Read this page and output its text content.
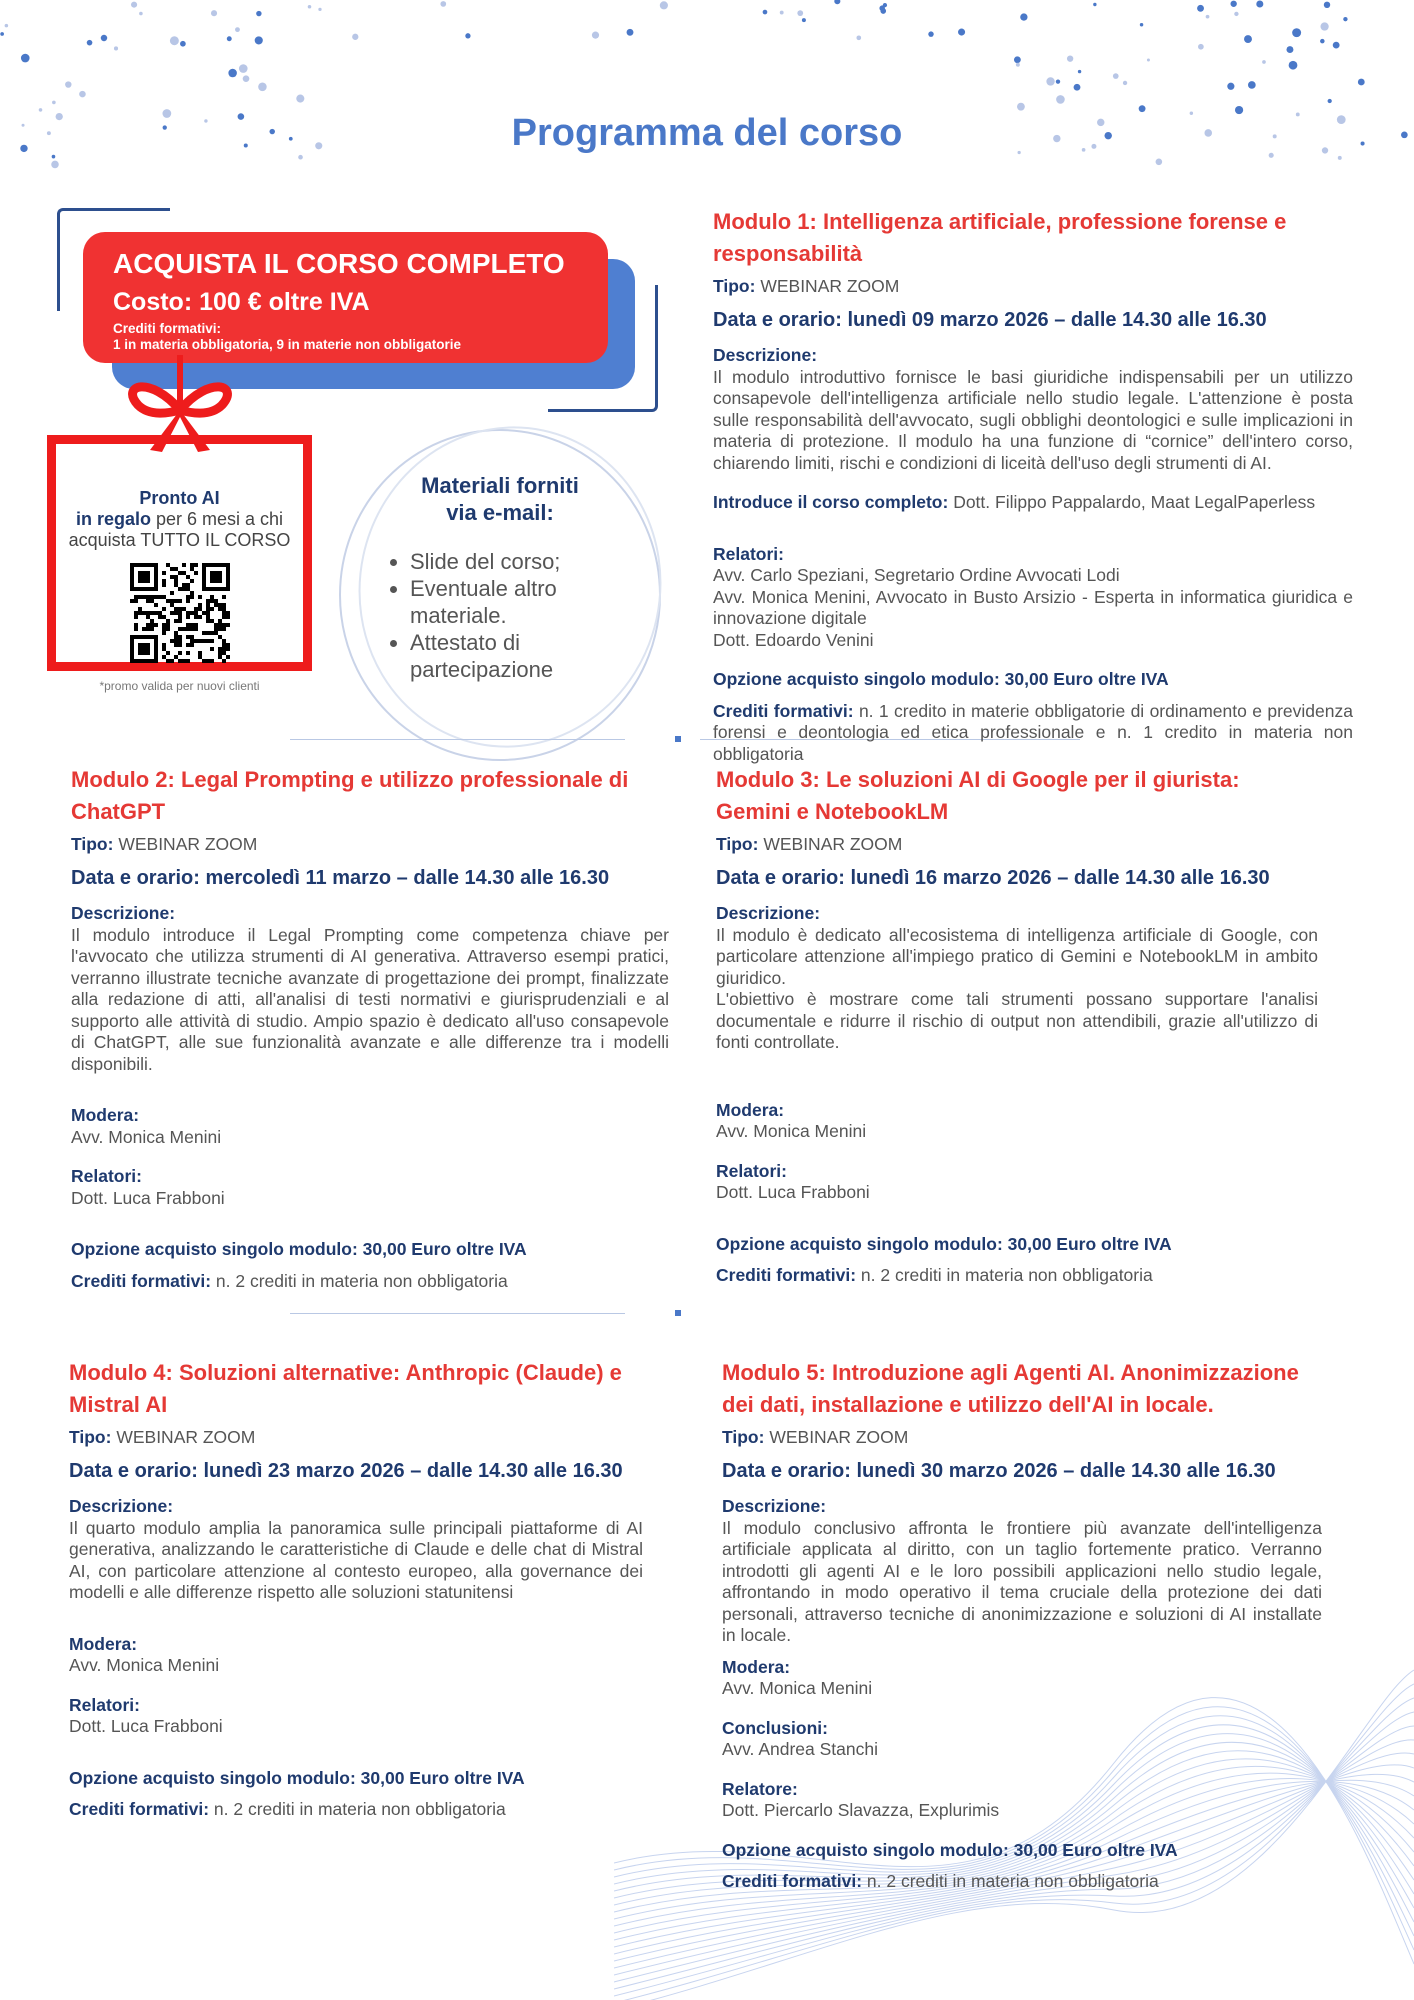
Programma del corso
ACQUISTA IL CORSO COMPLETO
Costo: 100 € oltre IVA
Crediti formativi:
1 in materia obbligatoria, 9 in materie non obbligatorie
Pronto AI
in regalo per 6 mesi a chi
acquista TUTTO IL CORSO
*promo valida per nuovi clienti
Materiali forniti
via e-mail:
• Slide del corso;
• Eventuale altro materiale.
• Attestato di partecipazione
Modulo 1: Intelligenza artificiale, professione forense e responsabilità
Tipo: WEBINAR ZOOM
Data e orario: lunedì 09 marzo 2026 – dalle 14.30 alle 16.30
Descrizione:
Il modulo introduttivo fornisce le basi giuridiche indispensabili per un utilizzo consapevole dell'intelligenza artificiale nello studio legale. L'attenzione è posta sulle responsabilità dell'avvocato, sugli obblighi deontologici e sulle implicazioni in materia di protezione. Il modulo ha una funzione di “cornice” dell'intero corso, chiarendo limiti, rischi e condizioni di liceità dell'uso degli strumenti di AI.
Introduce il corso completo: Dott. Filippo Pappalardo, Maat LegalPaperless
Relatori:
Avv. Carlo Speziani, Segretario Ordine Avvocati Lodi
Avv. Monica Menini, Avvocato in Busto Arsizio - Esperta in informatica giuridica e innovazione digitale
Dott. Edoardo Venini
Opzione acquisto singolo modulo: 30,00 Euro oltre IVA
Crediti formativi: n. 1 credito in materie obbligatorie di ordinamento e previdenza forensi e deontologia ed etica professionale e n. 1 credito in materia non obbligatoria
Modulo 2: Legal Prompting e utilizzo professionale di ChatGPT
Tipo: WEBINAR ZOOM
Data e orario: mercoledì 11 marzo – dalle 14.30 alle 16.30
Descrizione:
Il modulo introduce il Legal Prompting come competenza chiave per l'avvocato che utilizza strumenti di AI generativa. Attraverso esempi pratici, verranno illustrate tecniche avanzate di progettazione dei prompt, finalizzate alla redazione di atti, all'analisi di testi normativi e giurisprudenziali e al supporto alle attività di studio. Ampio spazio è dedicato all'uso consapevole di ChatGPT, alle sue funzionalità avanzate e alle differenze tra i modelli disponibili.
Modera:
Avv. Monica Menini
Relatori:
Dott. Luca Frabboni
Opzione acquisto singolo modulo: 30,00 Euro oltre IVA
Crediti formativi: n. 2 crediti in materia non obbligatoria
Modulo 3: Le soluzioni AI di Google per il giurista: Gemini e NotebookLM
Tipo: WEBINAR ZOOM
Data e orario: lunedì 16 marzo 2026 – dalle 14.30 alle 16.30
Descrizione:
Il modulo è dedicato all'ecosistema di intelligenza artificiale di Google, con particolare attenzione all'impiego pratico di Gemini e NotebookLM in ambito giuridico.
L'obiettivo è mostrare come tali strumenti possano supportare l'analisi documentale e ridurre il rischio di output non attendibili, grazie all'utilizzo di fonti controllate.
Modera:
Avv. Monica Menini
Relatori:
Dott. Luca Frabboni
Opzione acquisto singolo modulo: 30,00 Euro oltre IVA
Crediti formativi: n. 2 crediti in materia non obbligatoria
Modulo 4: Soluzioni alternative: Anthropic (Claude) e Mistral AI
Tipo: WEBINAR ZOOM
Data e orario: lunedì 23 marzo 2026 – dalle 14.30 alle 16.30
Descrizione:
Il quarto modulo amplia la panoramica sulle principali piattaforme di AI generativa, analizzando le caratteristiche di Claude e delle chat di Mistral AI, con particolare attenzione al contesto europeo, alla governance dei modelli e alle differenze rispetto alle soluzioni statunitensi
Modera:
Avv. Monica Menini
Relatori:
Dott. Luca Frabboni
Opzione acquisto singolo modulo: 30,00 Euro oltre IVA
Crediti formativi: n. 2 crediti in materia non obbligatoria
Modulo 5: Introduzione agli Agenti AI. Anonimizzazione dei dati, installazione e utilizzo dell'AI in locale.
Tipo: WEBINAR ZOOM
Data e orario: lunedì 30 marzo 2026 – dalle 14.30 alle 16.30
Descrizione:
Il modulo conclusivo affronta le frontiere più avanzate dell'intelligenza artificiale applicata al diritto, con un taglio fortemente pratico. Verranno introdotti gli agenti AI e le loro possibili applicazioni nello studio legale, affrontando in modo operativo il tema cruciale della protezione dei dati personali, attraverso tecniche di anonimizzazione e soluzioni di AI installate in locale.
Modera:
Avv. Monica Menini
Conclusioni:
Avv. Andrea Stanchi
Relatore:
Dott. Piercarlo Slavazza, Explurimis
Opzione acquisto singolo modulo: 30,00 Euro oltre IVA
Crediti formativi: n. 2 crediti in materia non obbligatoria
